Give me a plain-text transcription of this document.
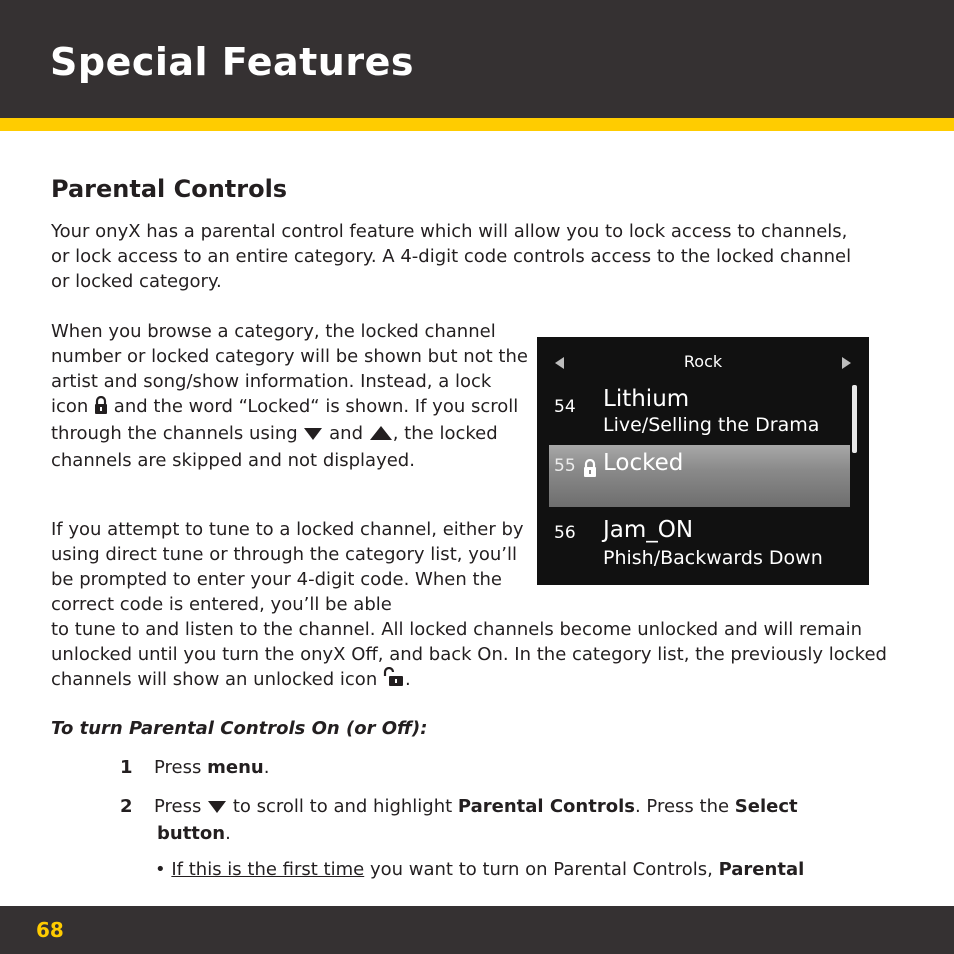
Special Features
Parental Controls

Your onyX has a parental control feature which will allow you to lock access to channels, or lock access to an entire category. A 4-digit code controls access to the locked channel or locked category.

When you browse a category, the locked channel number or locked category will be shown but not the artist and song/show information. Instead, a lock icon and the word “Locked“ is shown. If you scroll through the channels using and , the locked channels are skipped and not displayed.

If you attempt to tune to a locked channel, either by using direct tune or through the category list, you’ll be prompted to enter your 4-digit code. When the correct code is entered, you’ll be able

to tune to and listen to the channel. All locked channels become unlocked and will remain unlocked until you turn the onyX Off, and back On. In the category list, the previously locked channels will show an unlocked icon .

Rock
54 Lithium
Live/Selling the Drama
55 Locked
56 Jam_ON
Phish/Backwards Down
To turn Parental Controls On (or Off):

1 Press menu.

2 Press to scroll to and highlight Parental Controls. Press the Select
button.

• If this is the first time you want to turn on Parental Controls, Parental

68
